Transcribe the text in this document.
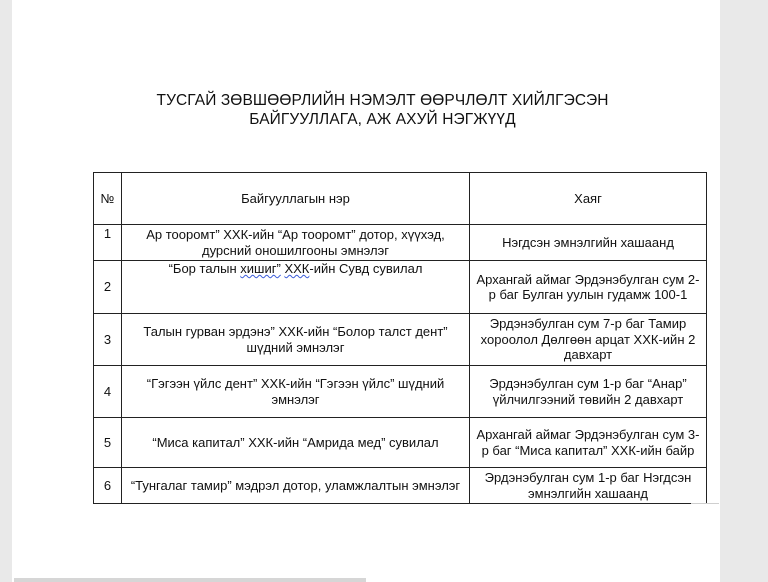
ТУСГАЙ ЗӨВШӨӨРЛИЙН НЭМЭЛТ ӨӨРЧЛӨЛТ ХИЙЛГЭСЭН
БАЙГУУЛЛАГА, АЖ АХУЙ НЭГЖҮҮД
№	Байгууллагын нэр	Хаяг
1	Ар тооромт” ХХК-ийн “Ар тооромт” дотор, хүүхэд, дурсний оношилгооны эмнэлэг	Нэгдсэн эмнэлгийн хашаанд
2	“Бор талын хишиг” ХХК-ийн Сувд сувилал	Архангай аймаг Эрдэнэбулган сум 2-р баг Булган уулын гудамж 100-1
3	Талын гурван эрдэнэ” ХХК-ийн “Болор талст дент” шүдний эмнэлэг	Эрдэнэбулган сум 7-р баг Тамир хороолол Дөлгөөн арцат ХХК-ийн 2 давхарт
4	“Гэгээн үйлс дент” ХХК-ийн “Гэгээн үйлс” шүдний эмнэлэг	Эрдэнэбулган сум 1-р баг “Анар” үйлчилгээний төвийн 2 давхарт
5	“Миса капитал” ХХК-ийн “Амрида мед” сувилал	Архангай аймаг Эрдэнэбулган сум 3-р баг “Миса капитал” ХХК-ийн байр
6	“Тунгалаг тамир” мэдрэл дотор, уламжлалтын эмнэлэг	Эрдэнэбулган сум 1-р баг Нэгдсэн эмнэлгийн хашаанд
